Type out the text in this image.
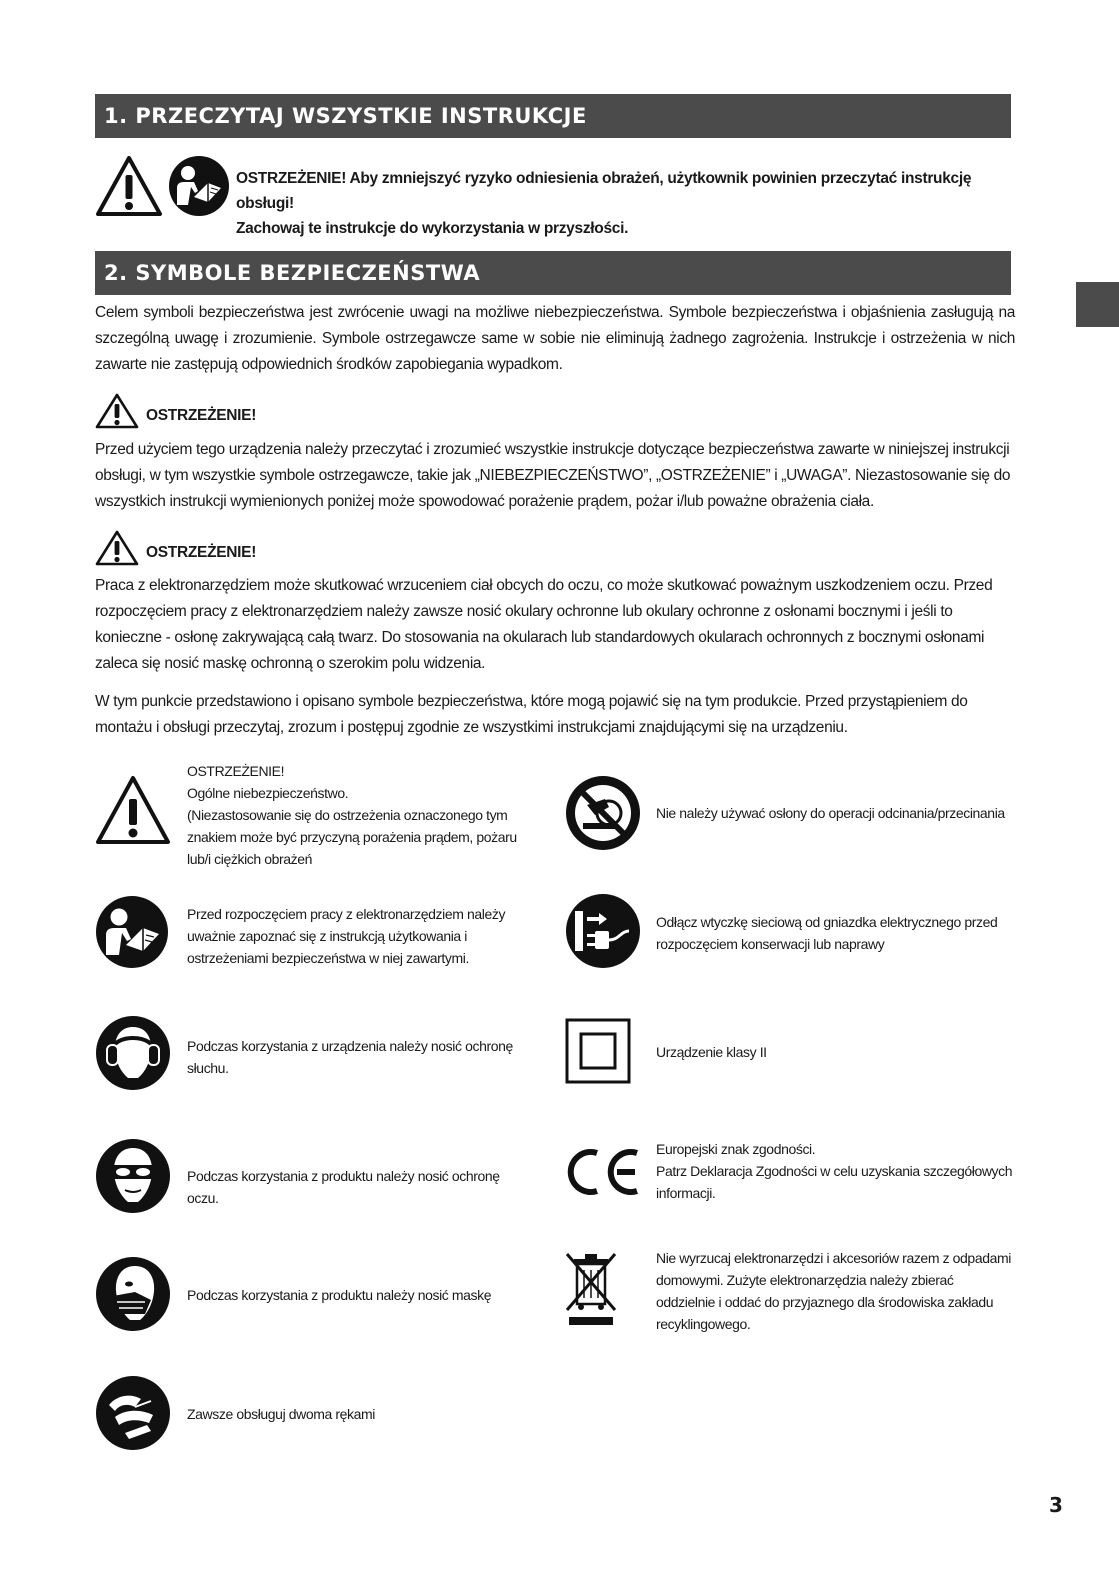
1. PRZECZYTAJ WSZYSTKIE INSTRUKCJE
OSTRZEŻENIE! Aby zmniejszyć ryzyko odniesienia obrażeń, użytkownik powinien przeczytać instrukcję obsługi!
Zachowaj te instrukcje do wykorzystania w przyszłości.
2. SYMBOLE BEZPIECZEŃSTWA

Celem symboli bezpieczeństwa jest zwrócenie uwagi na możliwe niebezpieczeństwa. Symbole bezpieczeństwa i objaśnienia zasługują na szczególną uwagę i zrozumienie. Symbole ostrzegawcze same w sobie nie eliminują żadnego zagrożenia. Instrukcje i ostrzeżenia w nich zawarte nie zastępują odpowiednich środków zapobiegania wypadkom.

OSTRZEŻENIE!

Przed użyciem tego urządzenia należy przeczytać i zrozumieć wszystkie instrukcje dotyczące bezpieczeństwa zawarte w niniejszej instrukcji obsługi, w tym wszystkie symbole ostrzegawcze, takie jak „NIEBEZPIECZEŃSTWO”, „OSTRZEŻENIE” i „UWAGA”. Niezastosowanie się do wszystkich instrukcji wymienionych poniżej może spowodować porażenie prądem, pożar i/lub poważne obrażenia ciała.

OSTRZEŻENIE!

Praca z elektronarzędziem może skutkować wrzuceniem ciał obcych do oczu, co może skutkować poważnym uszkodzeniem oczu. Przed rozpoczęciem pracy z elektronarzędziem należy zawsze nosić okulary ochronne lub okulary ochronne z osłonami bocznymi i jeśli to konieczne - osłonę zakrywającą całą twarz. Do stosowania na okularach lub standardowych okularach ochronnych z bocznymi osłonami zaleca się nosić maskę ochronną o szerokim polu widzenia.

W tym punkcie przedstawiono i opisano symbole bezpieczeństwa, które mogą pojawić się na tym produkcie. Przed przystąpieniem do montażu i obsługi przeczytaj, zrozum i postępuj zgodnie ze wszystkimi instrukcjami znajdującymi się na urządzeniu.

OSTRZEŻENIE!
Ogólne niebezpieczeństwo.
(Niezastosowanie się do ostrzeżenia oznaczonego tym
znakiem może być przyczyną porażenia prądem, pożaru
lub/i ciężkich obrażeń

Przed rozpoczęciem pracy z elektronarzędziem należy
uważnie zapoznać się z instrukcją użytkowania i
ostrzeżeniami bezpieczeństwa w niej zawartymi.

Podczas korzystania z urządzenia należy nosić ochronę
słuchu.

Podczas korzystania z produktu należy nosić ochronę oczu.

Podczas korzystania z produktu należy nosić maskę

Zawsze obsługuj dwoma rękami

Nie należy używać osłony do operacji odcinania/przecinania

Odłącz wtyczkę sieciową od gniazdka elektrycznego przed
rozpoczęciem konserwacji lub naprawy

Urządzenie klasy II

Europejski znak zgodności.
Patrz Deklaracja Zgodności w celu uzyskania szczegółowych
informacji.

Nie wyrzucaj elektronarzędzi i akcesoriów razem z odpadami
domowymi. Zużyte elektronarzędzia należy zbierać
oddzielnie i oddać do przyjaznego dla środowiska zakładu
recyklingowego.

3
